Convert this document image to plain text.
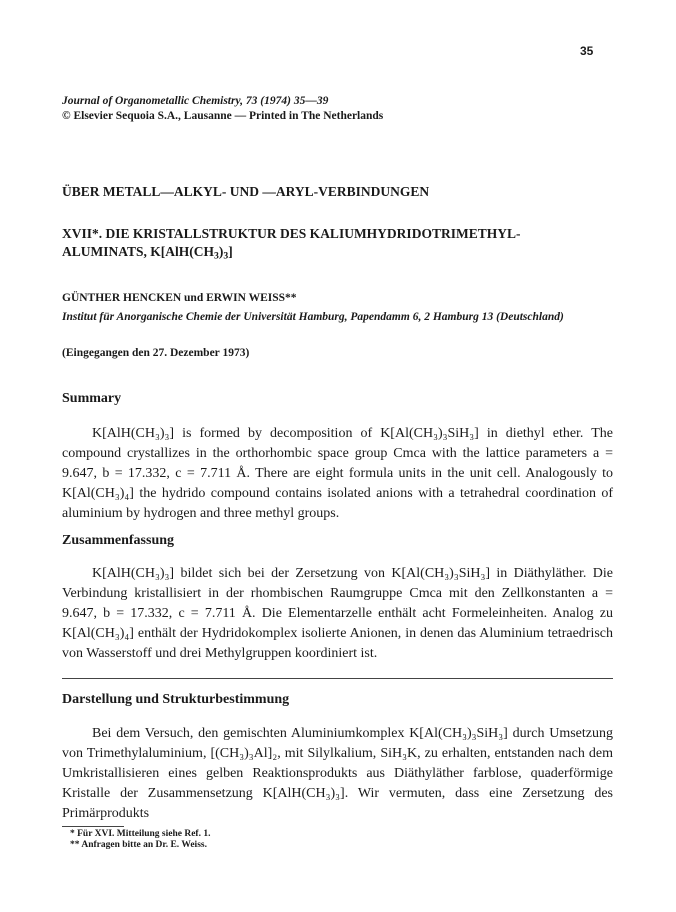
35
Journal of Organometallic Chemistry, 73 (1974) 35—39
© Elsevier Sequoia S.A., Lausanne — Printed in The Netherlands
ÜBER METALL—ALKYL- UND —ARYL-VERBINDUNGEN
XVII*. DIE KRISTALLSTRUKTUR DES KALIUMHYDRIDOTRIMETHYL-
ALUMINATS, $K[AlH(CH_3)_3]$
GÜNTHER HENCKEN und ERWIN WEISS**
Institut für Anorganische Chemie der Universität Hamburg, Papendamm 6, 2 Hamburg 13 (Deutschland)
(Eingegangen den 27. Dezember 1973)
Summary

K[AlH(CH₃)₃] is formed by decomposition of K[Al(CH₃)₃SiH₃] in diethyl ether. The compound crystallizes in the orthorhombic space group Cmca with the lattice parameters a = 9.647, b = 17.332, c = 7.711 Å. There are eight formula units in the unit cell. Analogously to K[Al(CH₃)₄] the hydrido compound contains isolated anions with a tetrahedral coordination of aluminium by hydrogen and three methyl groups.

Zusammenfassung

K[AlH(CH₃)₃] bildet sich bei der Zersetzung von K[Al(CH₃)₃SiH₃] in Diäthyläther. Die Verbindung kristallisiert in der rhombischen Raumgruppe Cmca mit den Zellkonstanten a = 9.647, b = 17.332, c = 7.711 Å. Die Elementarzelle enthält acht Formeleinheiten. Analog zu K[Al(CH₃)₄] enthält der Hydridokomplex isolierte Anionen, in denen das Aluminium tetraedrisch von Wasserstoff und drei Methylgruppen koordiniert ist.

Darstellung und Strukturbestimmung

Bei dem Versuch, den gemischten Aluminiumkomplex K[Al(CH₃)₃SiH₃] durch Umsetzung von Trimethylaluminium, [(CH₃)₃Al]₂, mit Silylkalium, SiH₃K, zu erhalten, entstanden nach dem Umkristallisieren eines gelben Reaktionsprodukts aus Diäthyläther farblose, quaderförmige Kristalle der Zusammensetzung K[AlH(CH₃)₃]. Wir vermuten, dass eine Zersetzung des Primärprodukts

* Für XVI. Mitteilung siehe Ref. 1.
** Anfragen bitte an Dr. E. Weiss.
